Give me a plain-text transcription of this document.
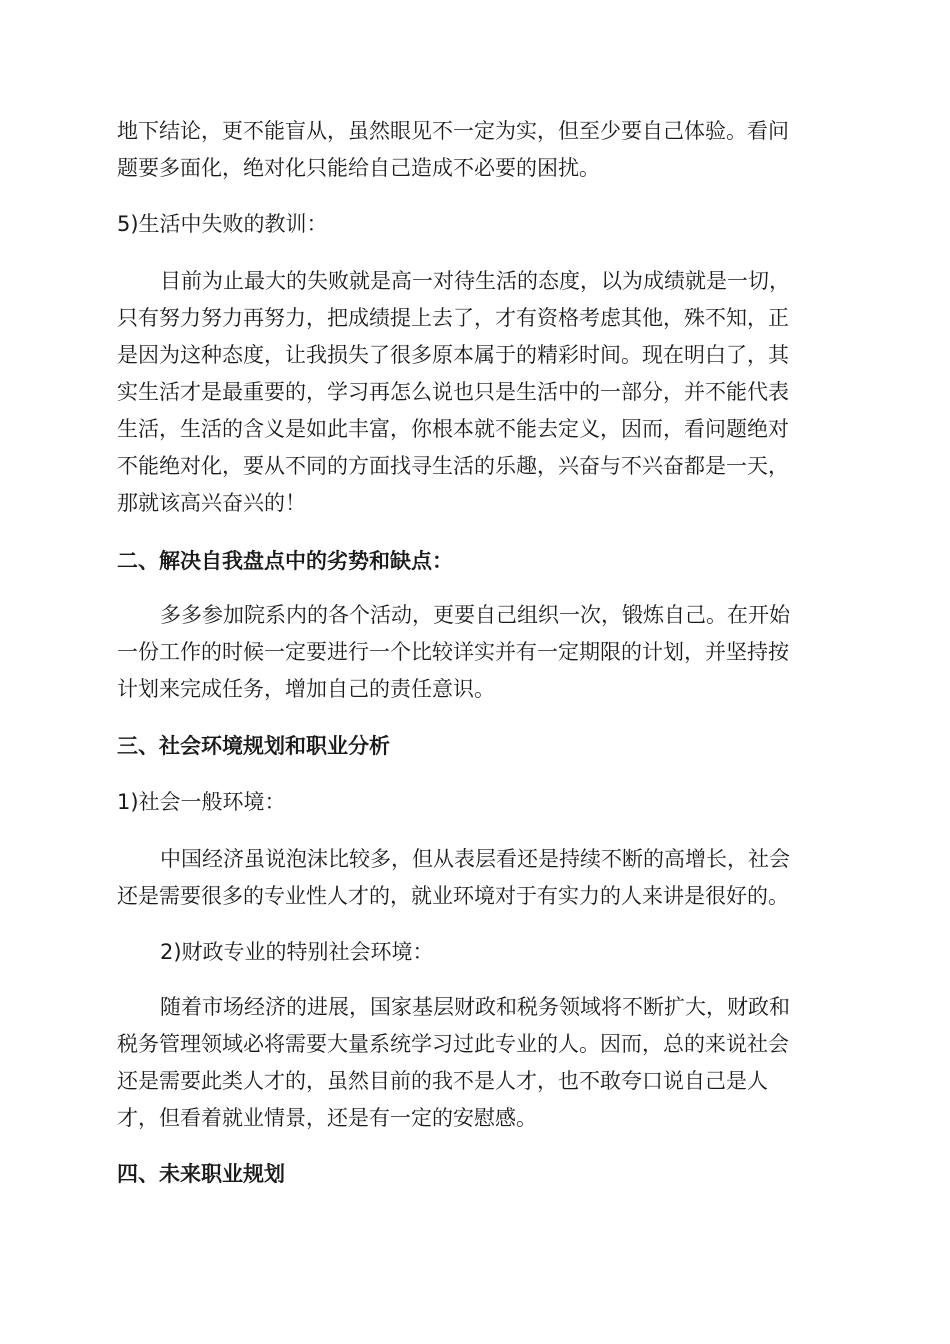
地下结论，更不能盲从，虽然眼见不一定为实，但至少要自己体验。看问
题要多面化，绝对化只能给自己造成不必要的困扰。
5)生活中失败的教训：
目前为止最大的失败就是高一对待生活的态度，以为成绩就是一切，
只有努力努力再努力，把成绩提上去了，才有资格考虑其他，殊不知，正
是因为这种态度，让我损失了很多原本属于的精彩时间。现在明白了，其
实生活才是最重要的，学习再怎么说也只是生活中的一部分，并不能代表
生活，生活的含义是如此丰富，你根本就不能去定义，因而，看问题绝对
不能绝对化，要从不同的方面找寻生活的乐趣，兴奋与不兴奋都是一天，
那就该高兴奋兴的！
二、解决自我盘点中的劣势和缺点：
多多参加院系内的各个活动，更要自己组织一次，锻炼自己。在开始
一份工作的时候一定要进行一个比较详实并有一定期限的计划，并坚持按
计划来完成任务，增加自己的责任意识。
三、社会环境规划和职业分析
1)社会一般环境：
中国经济虽说泡沫比较多，但从表层看还是持续不断的高增长，社会
还是需要很多的专业性人才的，就业环境对于有实力的人来讲是很好的。
2)财政专业的特别社会环境：
随着市场经济的进展，国家基层财政和税务领域将不断扩大，财政和
税务管理领域必将需要大量系统学习过此专业的人。因而，总的来说社会
还是需要此类人才的，虽然目前的我不是人才，也不敢夸口说自己是人
才，但看着就业情景，还是有一定的安慰感。
四、未来职业规划
